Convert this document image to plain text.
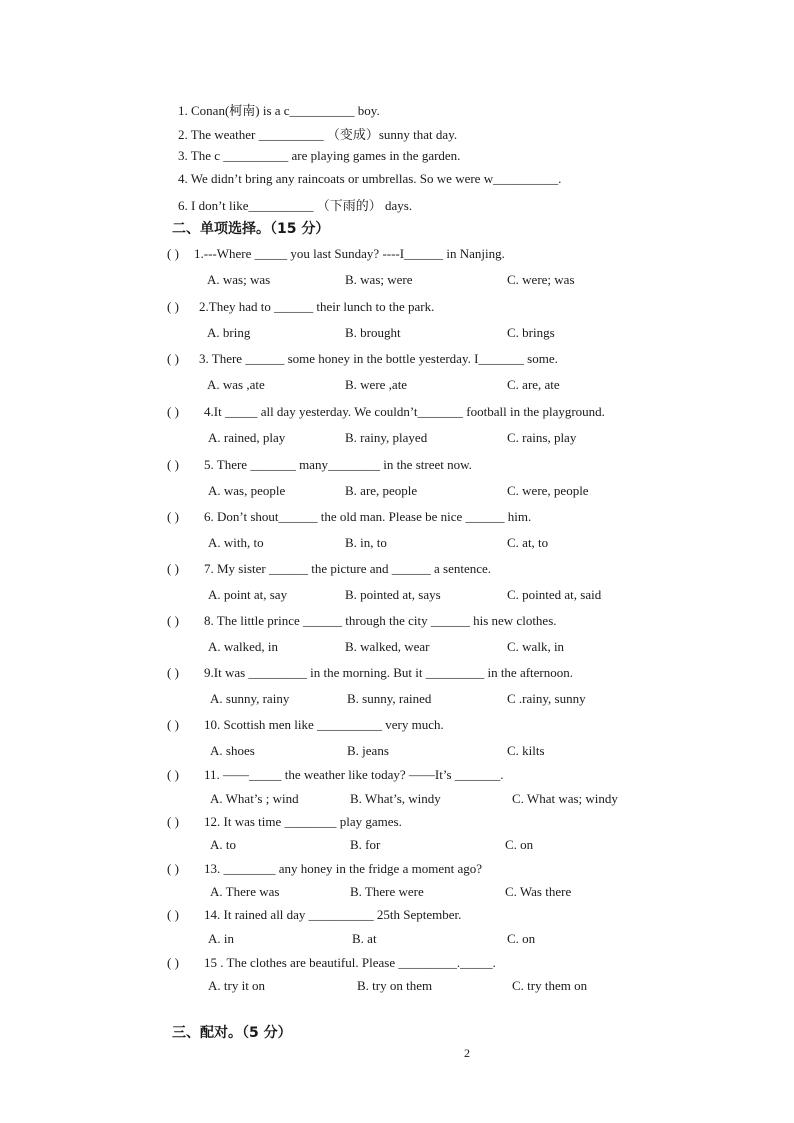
1. Conan(柯南) is a c__________ boy.
2. The weather __________ （变成）sunny that day.
3. The c __________ are playing games in the garden.
4. We didn’t bring any raincoats or umbrellas. So we were w__________.
6. I don’t like__________ （下雨的） days.
二、单项选择。（15 分）
( ) 1.---Where _____ you last Sunday? ----I______ in Nanjing.
A. was; was	B. was; were	C. were; was
( ) 2.They had to ______ their lunch to the park.
A. bring	B. brought	C. brings
( ) 3. There ______ some honey in the bottle yesterday. I_______ some.
A. was ,ate	B. were ,ate	C. are, ate
( ) 4.It _____ all day yesterday. We couldn’t_______ football in the playground.
A. rained, play	B. rainy, played	C. rains, play
( ) 5. There _______ many________ in the street now.
A. was, people	B. are, people	C. were, people
( ) 6. Don’t shout______ the old man. Please be nice ______ him.
A. with, to	B. in, to	C. at, to
( ) 7. My sister ______ the picture and ______ a sentence.
A. point at, say	B. pointed at, says	C. pointed at, said
( ) 8. The little prince ______ through the city ______ his new clothes.
A. walked, in	B. walked, wear	C. walk, in
( ) 9.It was _________ in the morning. But it _________ in the afternoon.
A. sunny, rainy	B. sunny, rained	C .rainy, sunny
( ) 10. Scottish men like __________ very much.
A. shoes	B. jeans	C. kilts
( ) 11. ——_____ the weather like today? ——It’s _______.
A. What’s ; wind	B. What’s, windy	C. What was; windy
( ) 12. It was time ________ play games.
A. to	B. for	C. on
( ) 13. ________ any honey in the fridge a moment ago?
A. There was	B. There were	C. Was there
( ) 14. It rained all day __________ 25th September.
A. in	B. at	C. on
( ) 15 . The clothes are beautiful. Please _________._____.
A. try it on	B. try on them	C. try them on
三、配对。（5 分）
2
